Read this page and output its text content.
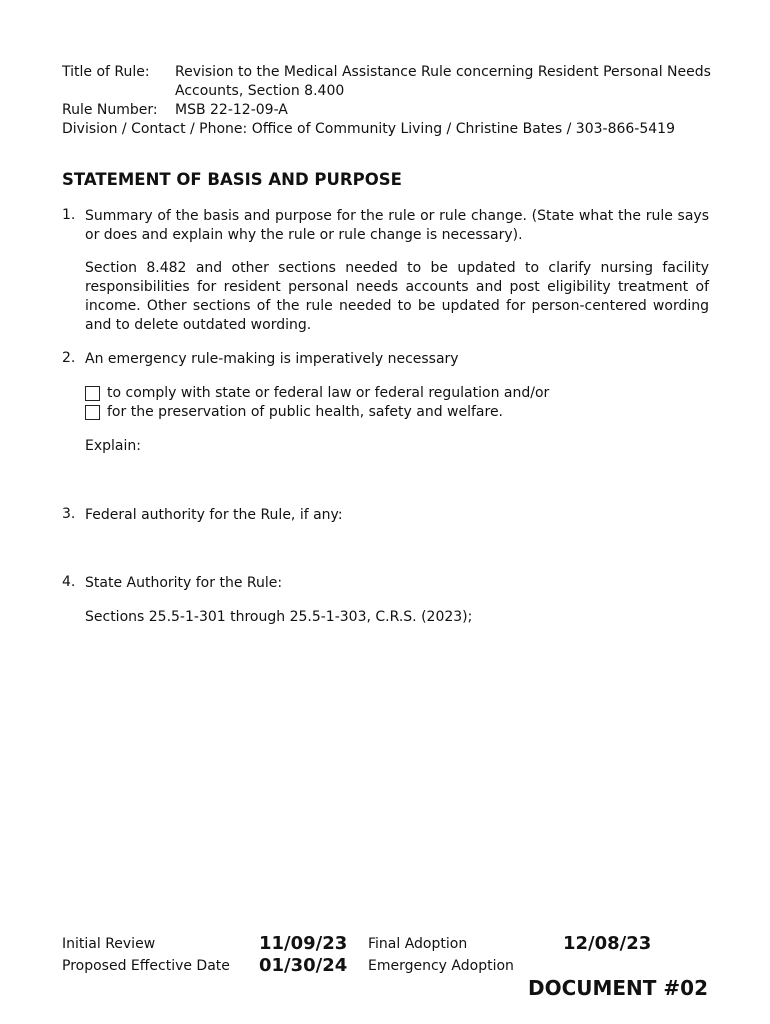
Title of Rule: Revision to the Medical Assistance Rule concerning Resident Personal Needs
Accounts, Section 8.400
Rule Number: MSB 22-12-09-A
Division / Contact / Phone: Office of Community Living / Christine Bates / 303-866-5419
STATEMENT OF BASIS AND PURPOSE
1. Summary of the basis and purpose for the rule or rule change. (State what the rule says or does and explain why the rule or rule change is necessary).
Section 8.482 and other sections needed to be updated to clarify nursing facility responsibilities for resident personal needs accounts and post eligibility treatment of income. Other sections of the rule needed to be updated for person-centered wording and to delete outdated wording.
2. An emergency rule-making is imperatively necessary
to comply with state or federal law or federal regulation and/or
for the preservation of public health, safety and welfare.
Explain:
3. Federal authority for the Rule, if any:
4. State Authority for the Rule:
Sections 25.5-1-301 through 25.5-1-303, C.R.S. (2023);
Initial Review	11/09/23 Final Adoption	12/08/23
Proposed Effective Date 01/30/24 Emergency Adoption
DOCUMENT #02
